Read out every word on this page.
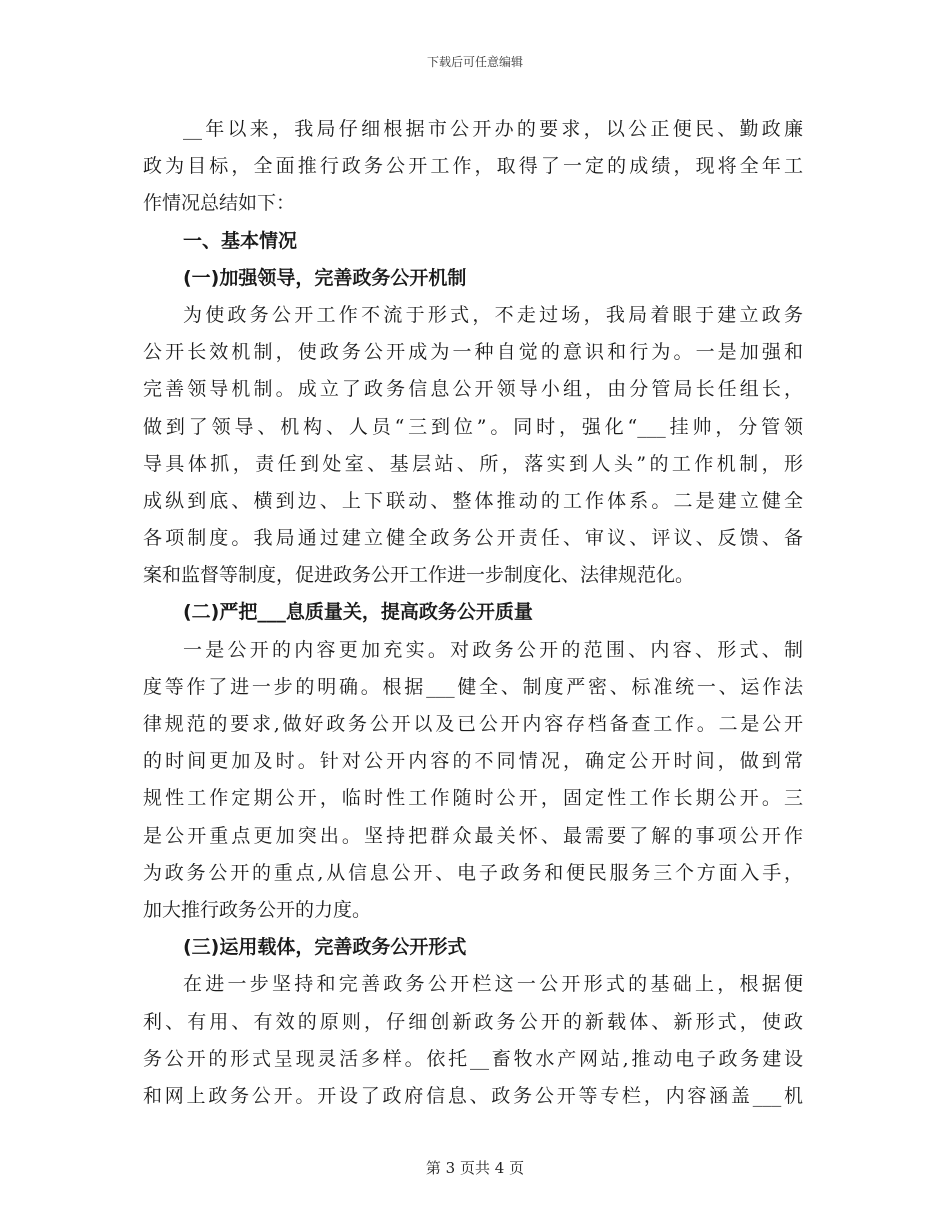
下载后可任意编辑
__年以来，我局仔细根据市公开办的要求，以公正便民、勤政廉
政为目标，全面推行政务公开工作，取得了一定的成绩，现将全年工
作情况总结如下：
一、基本情况
(一)加强领导，完善政务公开机制
为使政务公开工作不流于形式，不走过场，我局着眼于建立政务
公开长效机制，使政务公开成为一种自觉的意识和行为。一是加强和
完善领导机制。成立了政务信息公开领导小组，由分管局长任组长，
做到了领导、机构、人员“三到位”。同时，强化“___挂帅，分管领
导具体抓，责任到处室、基层站、所，落实到人头”的工作机制，形
成纵到底、横到边、上下联动、整体推动的工作体系。二是建立健全
各项制度。我局通过建立健全政务公开责任、审议、评议、反馈、备
案和监督等制度，促进政务公开工作进一步制度化、法律规范化。
(二)严把___息质量关，提高政务公开质量
一是公开的内容更加充实。对政务公开的范围、内容、形式、制
度等作了进一步的明确。根据___健全、制度严密、标准统一、运作法
律规范的要求,做好政务公开以及已公开内容存档备查工作。二是公开
的时间更加及时。针对公开内容的不同情况，确定公开时间，做到常
规性工作定期公开，临时性工作随时公开，固定性工作长期公开。三
是公开重点更加突出。坚持把群众最关怀、最需要了解的事项公开作
为政务公开的重点,从信息公开、电子政务和便民服务三个方面入手，
加大推行政务公开的力度。
(三)运用载体，完善政务公开形式
在进一步坚持和完善政务公开栏这一公开形式的基础上，根据便
利、有用、有效的原则，仔细创新政务公开的新载体、新形式，使政
务公开的形式呈现灵活多样。依托__畜牧水产网站,推动电子政务建设
和网上政务公开。开设了政府信息、政务公开等专栏，内容涵盖___机
第 3 页共 4 页
